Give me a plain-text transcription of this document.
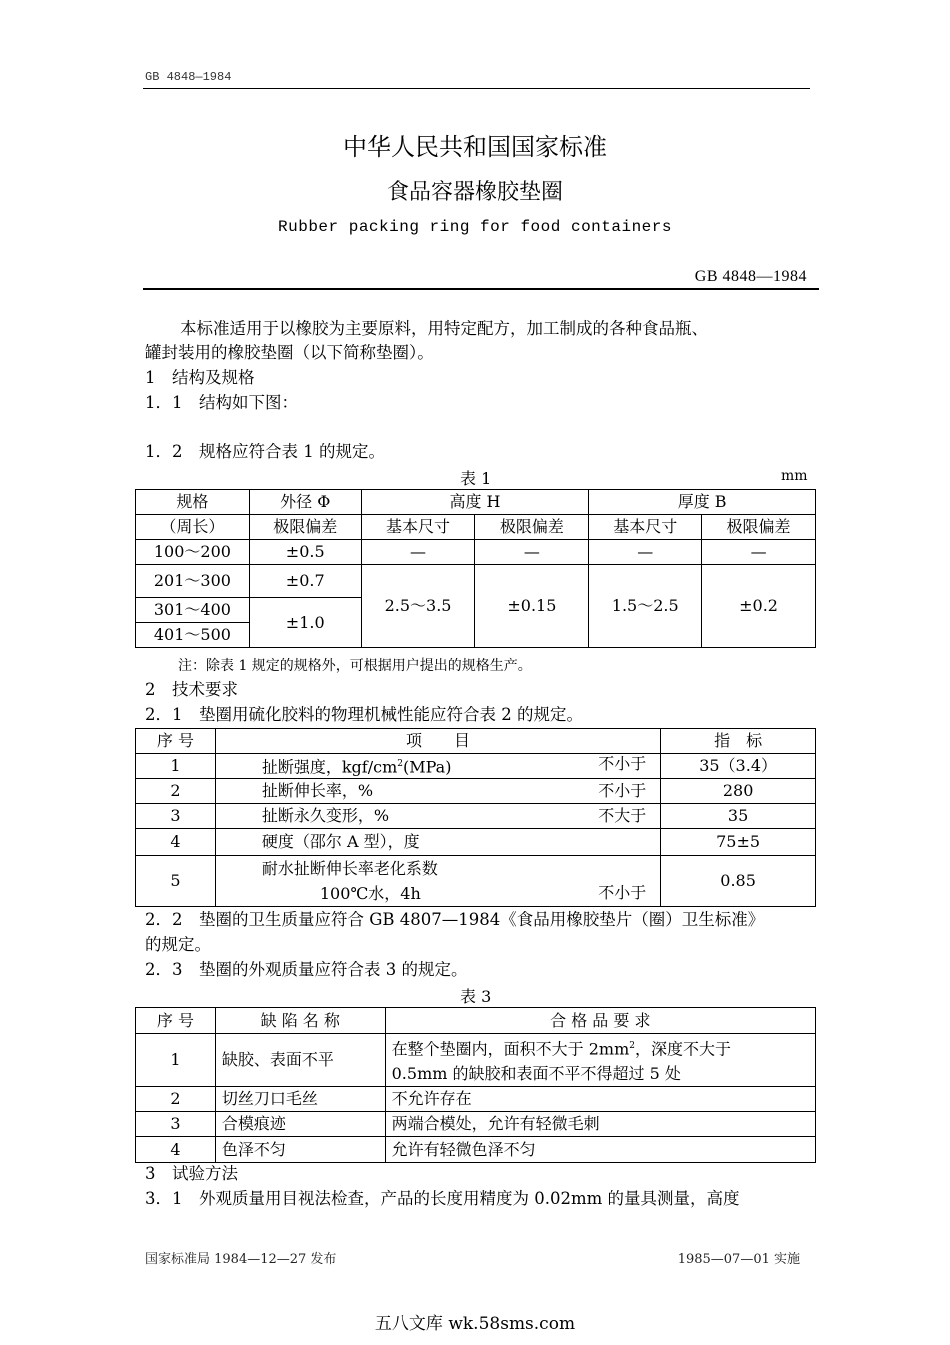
GB 4848—1984
中华人民共和国国家标准
食品容器橡胶垫圈
Rubber packing ring for food containers
GB 4848—1984
本标准适用于以橡胶为主要原料，用特定配方，加工制成的各种食品瓶、
罐封装用的橡胶垫圈（以下简称垫圈）。
1　结构及规格
1．1　结构如下图：
1．2　规格应符合表 1 的规定。
表 1	mm
规格	外径 Φ	高度 H		厚度 B	
（周长）	极限偏差	基本尺寸	极限偏差	基本尺寸	极限偏差
100～200	±0.5	—	—	—	—
201～300	±0.7	2.5～3.5	±0.15	1.5～2.5	±0.2
301～400	±1.0				
401～500					
注：除表 1 规定的规格外，可根据用户提出的规格生产。
2　技术要求
2．1　垫圈用硫化胶料的物理机械性能应符合表 2 的规定。
序 号	项　　目	指　标
1	扯断强度，kgf/$cm^2(MPa)$ 不小于	35（3.4）
2	扯断伸长率，% 不小于	280
3	扯断永久变形，% 不大于	35
4	硬度（邵尔 A 型），度	75±5
5	耐水扯断伸长率老化系数
100℃水，4h 不小于	0.85
2．2　垫圈的卫生质量应符合 GB 4807—1984《食品用橡胶垫片（圈）卫生标准》
的规定。
2．3　垫圈的外观质量应符合表 3 的规定。
表 3
序 号	缺 陷 名 称	合 格 品 要 求
1	缺胶、表面不平	在整个垫圈内，面积不大于 $2mm^2$，深度不大于
0.5mm 的缺胶和表面不平不得超过 5 处

2	切丝刀口毛丝	不允许存在
3	合模痕迹	两端合模处，允许有轻微毛刺
4	色泽不匀	允许有轻微色泽不匀
3　试验方法
3．1　外观质量用目视法检查，产品的长度用精度为 0.02mm 的量具测量，高度
国家标准局 1984—12—27 发布	1985—07—01 实施
五八文库 wk.58sms.com
